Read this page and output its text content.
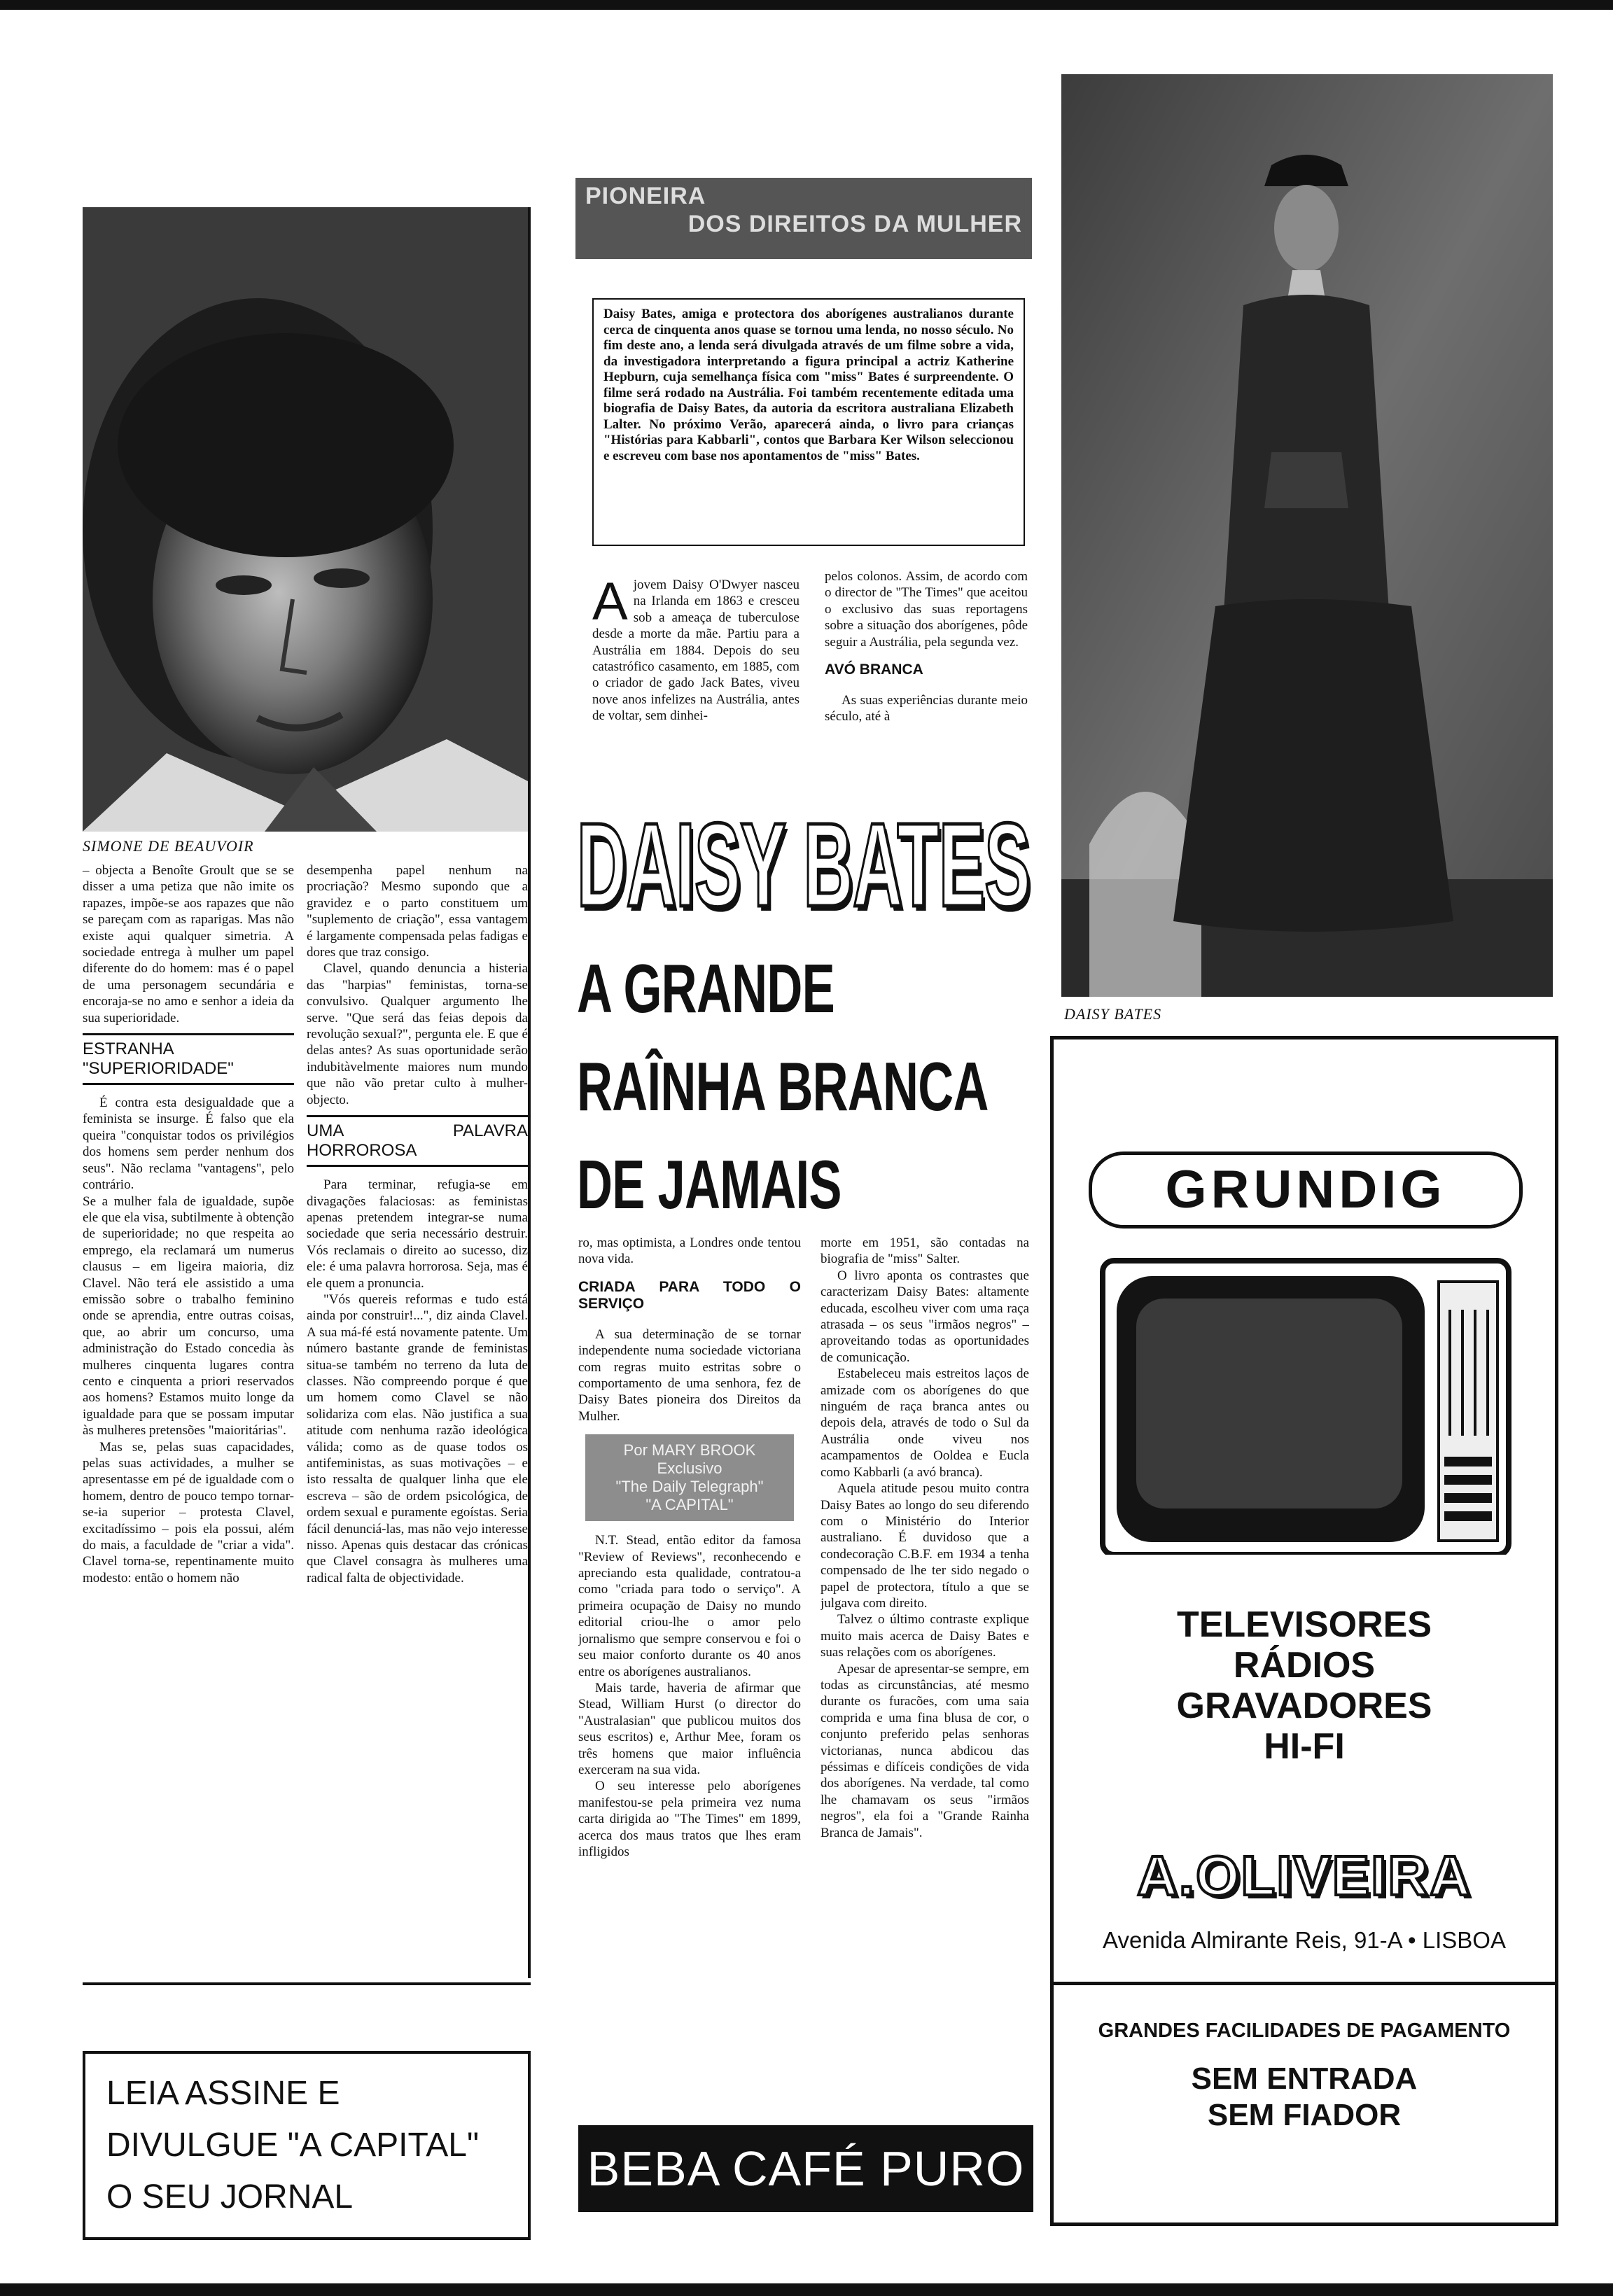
SIMONE DE BEAUVOIR

– objecta a Benoîte Groult que se se disser a uma petiza que não imite os rapazes, impõe-se aos rapazes que não se pareçam com as raparigas. Mas não existe aqui qualquer simetria. A sociedade entrega à mulher um papel diferente do do homem: mas é o papel de uma personagem secundária e encoraja-se no amo e senhor a ideia da sua superioridade.

ESTRANHA "SUPERIORIDADE"

É contra esta desigualdade que a feminista se insurge. É falso que ela queira "conquistar todos os privilégios dos homens sem perder nenhum dos seus". Não reclama "vantagens", pelo contrário.

Se a mulher fala de igualdade, supõe ele que ela visa, subtilmente à obtenção de superioridade; no que respeita ao emprego, ela reclamará um numerus clausus – em ligeira maioria, diz Clavel. Não terá ele assistido a uma emissão sobre o trabalho feminino onde se aprendia, entre outras coisas, que, ao abrir um concurso, uma administração do Estado concedia às mulheres cinquenta lugares contra cento e cinquenta a priori reservados aos homens? Estamos muito longe da igualdade para que se possam imputar às mulheres pretensões "maioritárias".

Mas se, pelas suas capacidades, pelas suas actividades, a mulher se apresentasse em pé de igualdade com o homem, dentro de pouco tempo tornar-se-ia superior – protesta Clavel, excitadíssimo – pois ela possui, além do mais, a faculdade de "criar a vida". Clavel torna-se, repentinamente muito modesto: então o homem não

desempenha papel nenhum na procriação? Mesmo supondo que a gravidez e o parto constituem um "suplemento de criação", essa vantagem é largamente compensada pelas fadigas e dores que traz consigo.

Clavel, quando denuncia a histeria das "harpias" feministas, torna-se convulsivo. Qualquer argumento lhe serve. "Que será das feias depois da revolução sexual?", pergunta ele. E que é delas antes? As suas oportunidade serão indubitàvelmente maiores num mundo que não vão pretar culto à mulher-objecto.

UMA PALAVRA HORROROSA

Para terminar, refugia-se em divagações falaciosas: as feministas apenas pretendem integrar-se numa sociedade que seria necessário destruir. Vós reclamais o direito ao sucesso, diz ele: é uma palavra horrorosa. Seja, mas é ele quem a pronuncia.

"Vós quereis reformas e tudo está ainda por construir!...", diz ainda Clavel. A sua má-fé está novamente patente. Um número bastante grande de feministas situa-se também no terreno da luta de classes. Não compreendo porque é que um homem como Clavel se não solidariza com elas. Não justifica a sua atitude com nenhuma razão ideológica válida; como as de quase todos os antifeministas, as suas motivações – e isto ressalta de qualquer linha que ele escreva – são de ordem psicológica, de ordem sexual e puramente egoístas. Seria fácil denunciá-las, mas não vejo interesse nisso. Apenas quis destacar das crónicas que Clavel consagra às mulheres uma radical falta de objectividade.

LEIA ASSINE E
DIVULGUE "A CAPITAL"
O SEU JORNAL
PIONEIRA
DOS DIREITOS DA MULHER
Daisy Bates, amiga e protectora dos aborígenes australianos durante cerca de cinquenta anos quase se tornou uma lenda, no nosso século. No fim deste ano, a lenda será divulgada através de um filme sobre a vida, da investigadora interpretando a figura principal a actriz Katherine Hepburn, cuja semelhança física com "miss" Bates é surpreendente. O filme será rodado na Austrália. Foi também recentemente editada uma biografia de Daisy Bates, da autoria da escritora australiana Elizabeth Lalter. No próximo Verão, aparecerá ainda, o livro para crianças "Histórias para Kabbarli", contos que Barbara Ker Wilson seleccionou e escreveu com base nos apontamentos de "miss" Bates.
A jovem Daisy O'Dwyer nasceu na Irlanda em 1863 e cresceu sob a ameaça de tuberculose desde a morte da mãe. Partiu para a Austrália em 1884. Depois do seu catastrófico casamento, em 1885, com o criador de gado Jack Bates, viveu nove anos infelizes na Austrália, antes de voltar, sem dinhei-

pelos colonos. Assim, de acordo com o director de "The Times" que aceitou o exclusivo das suas reportagens sobre a situação dos aborígenes, pôde seguir a Austrália, pela segunda vez.

AVÓ BRANCA

As suas experiências durante meio século, até à

DAISY BATES
A GRANDE
RAÎNHA BRANCA
DE JAMAIS

ro, mas optimista, a Londres onde tentou nova vida.

CRIADA PARA TODO O SERVIÇO

A sua determinação de se tornar independente numa sociedade victoriana com regras muito estritas sobre o comportamento de uma senhora, fez de Daisy Bates pioneira dos Direitos da Mulher.

Por MARY BROOK
Exclusivo
"The Daily Telegraph"
"A CAPITAL"

N.T. Stead, então editor da famosa "Review of Reviews", reconhecendo e apreciando esta qualidade, contratou-a como "criada para todo o serviço". A primeira ocupação de Daisy no mundo editorial criou-lhe o amor pelo jornalismo que sempre conservou e foi o seu maior conforto durante os 40 anos entre os aborígenes australianos.

Mais tarde, haveria de afirmar que Stead, William Hurst (o director do "Australasian" que publicou muitos dos seus escritos) e, Arthur Mee, foram os três homens que maior influência exerceram na sua vida.

O seu interesse pelo aborígenes manifestou-se pela primeira vez numa carta dirigida ao "The Times" em 1899, acerca dos maus tratos que lhes eram infligidos

morte em 1951, são contadas na biografia de "miss" Salter.

O livro aponta os contrastes que caracterizam Daisy Bates: altamente educada, escolheu viver com uma raça atrasada – os seus "irmãos negros" – aproveitando todas as oportunidades de comunicação.

Estabeleceu mais estreitos laços de amizade com os aborígenes do que ninguém de raça branca antes ou depois dela, através de todo o Sul da Austrália onde viveu nos acampamentos de Ooldea e Eucla como Kabbarli (a avó branca).

Aquela atitude pesou muito contra Daisy Bates ao longo do seu diferendo com o Ministério do Interior australiano. É duvidoso que a condecoração C.B.F. em 1934 a tenha compensado de lhe ter sido negado o papel de protectora, título a que se julgava com direito.

Talvez o último contraste explique muito mais acerca de Daisy Bates e suas relações com os aborígenes.

Apesar de apresentar-se sempre, em todas as circunstâncias, até mesmo durante os furacões, com uma saia comprida e uma fina blusa de cor, o conjunto preferido pelas senhoras victorianas, nunca abdicou das péssimas e difíceis condições de vida dos aborígenes. Na verdade, tal como lhe chamavam os seus "irmãos negros", ela foi a "Grande Rainha Branca de Jamais".

BEBA CAFÉ PURO
DAISY BATES
GRUNDIG
TELEVISORES
RÁDIOS
GRAVADORES
HI-FI
A.OLIVEIRA
Avenida Almirante Reis, 91-A • LISBOA
GRANDES FACILIDADES DE PAGAMENTO
SEM ENTRADA
SEM FIADOR
